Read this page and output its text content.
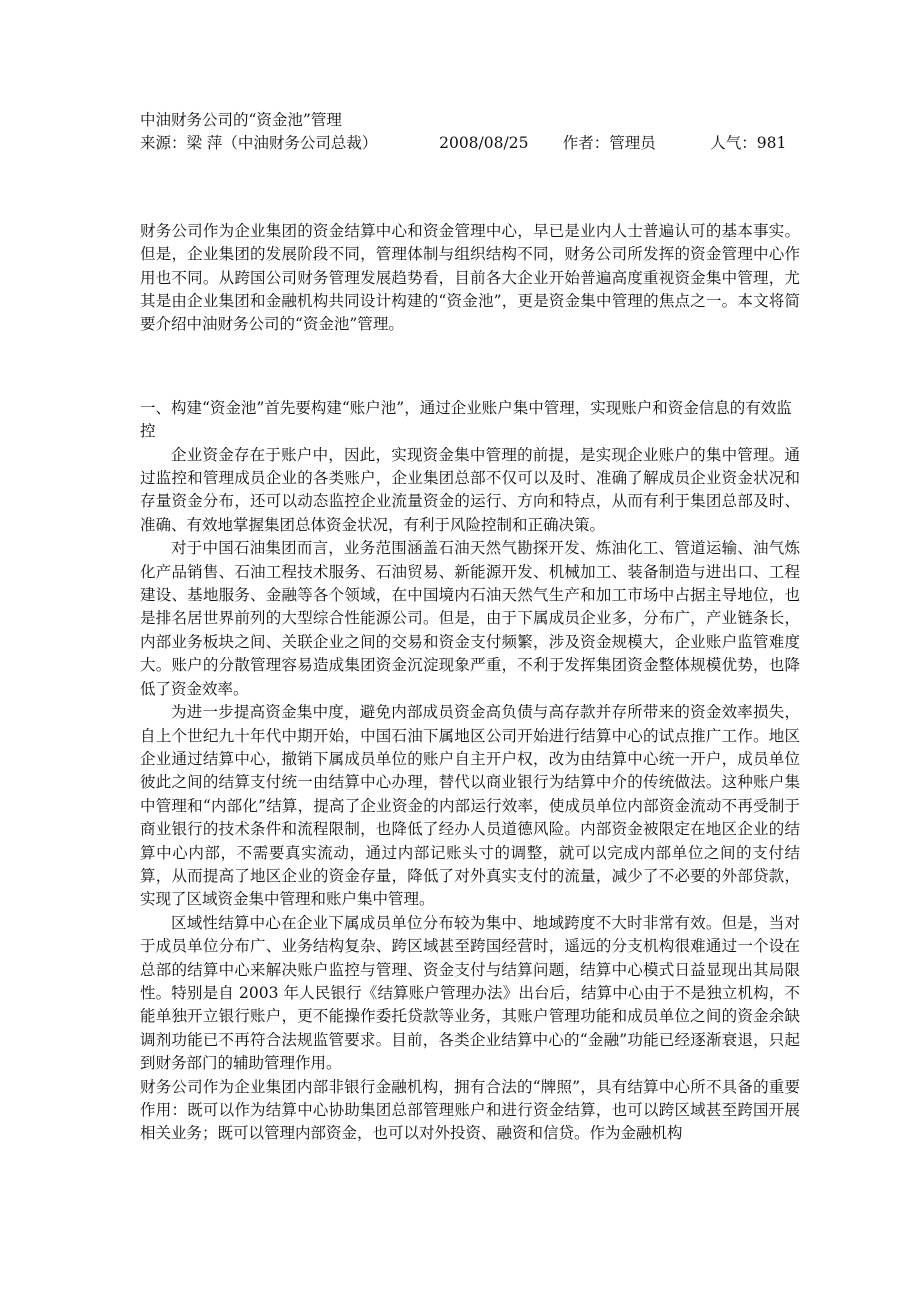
中油财务公司的“资金池”管理
来源：梁 萍（中油财务公司总裁）	2008/08/25	作者：管理员	人气：981

财务公司作为企业集团的资金结算中心和资金管理中心，早已是业内人士普遍认可的基本事实。但是，企业集团的发展阶段不同，管理体制与组织结构不同，财务公司所发挥的资金管理中心作用也不同。从跨国公司财务管理发展趋势看，目前各大企业开始普遍高度重视资金集中管理，尤其是由企业集团和金融机构共同设计构建的“资金池”，更是资金集中管理的焦点之一。本文将简要介绍中油财务公司的“资金池”管理。

一、构建“资金池”首先要构建“账户池”，通过企业账户集中管理，实现账户和资金信息的有效监控

企业资金存在于账户中，因此，实现资金集中管理的前提，是实现企业账户的集中管理。通过监控和管理成员企业的各类账户，企业集团总部不仅可以及时、准确了解成员企业资金状况和存量资金分布，还可以动态监控企业流量资金的运行、方向和特点，从而有利于集团总部及时、准确、有效地掌握集团总体资金状况，有利于风险控制和正确决策。

对于中国石油集团而言，业务范围涵盖石油天然气勘探开发、炼油化工、管道运输、油气炼化产品销售、石油工程技术服务、石油贸易、新能源开发、机械加工、装备制造与进出口、工程建设、基地服务、金融等各个领域，在中国境内石油天然气生产和加工市场中占据主导地位，也是排名居世界前列的大型综合性能源公司。但是，由于下属成员企业多，分布广，产业链条长，内部业务板块之间、关联企业之间的交易和资金支付频繁，涉及资金规模大，企业账户监管难度大。账户的分散管理容易造成集团资金沉淀现象严重，不利于发挥集团资金整体规模优势，也降低了资金效率。

为进一步提高资金集中度，避免内部成员资金高负债与高存款并存所带来的资金效率损失，自上个世纪九十年代中期开始，中国石油下属地区公司开始进行结算中心的试点推广工作。地区企业通过结算中心，撤销下属成员单位的账户自主开户权，改为由结算中心统一开户，成员单位彼此之间的结算支付统一由结算中心办理，替代以商业银行为结算中介的传统做法。这种账户集中管理和“内部化”结算，提高了企业资金的内部运行效率，使成员单位内部资金流动不再受制于商业银行的技术条件和流程限制，也降低了经办人员道德风险。内部资金被限定在地区企业的结算中心内部，不需要真实流动，通过内部记账头寸的调整，就可以完成内部单位之间的支付结算，从而提高了地区企业的资金存量，降低了对外真实支付的流量，减少了不必要的外部贷款，实现了区域资金集中管理和账户集中管理。

区域性结算中心在企业下属成员单位分布较为集中、地域跨度不大时非常有效。但是，当对于成员单位分布广、业务结构复杂、跨区域甚至跨国经营时，遥远的分支机构很难通过一个设在总部的结算中心来解决账户监控与管理、资金支付与结算问题，结算中心模式日益显现出其局限性。特别是自 2003 年人民银行《结算账户管理办法》出台后，结算中心由于不是独立机构，不能单独开立银行账户，更不能操作委托贷款等业务，其账户管理功能和成员单位之间的资金余缺调剂功能已不再符合法规监管要求。目前，各类企业结算中心的“金融”功能已经逐渐衰退，只起到财务部门的辅助管理作用。

财务公司作为企业集团内部非银行金融机构，拥有合法的“牌照”，具有结算中心所不具备的重要作用：既可以作为结算中心协助集团总部管理账户和进行资金结算，也可以跨区域甚至跨国开展相关业务；既可以管理内部资金，也可以对外投资、融资和信贷。作为金融机构
